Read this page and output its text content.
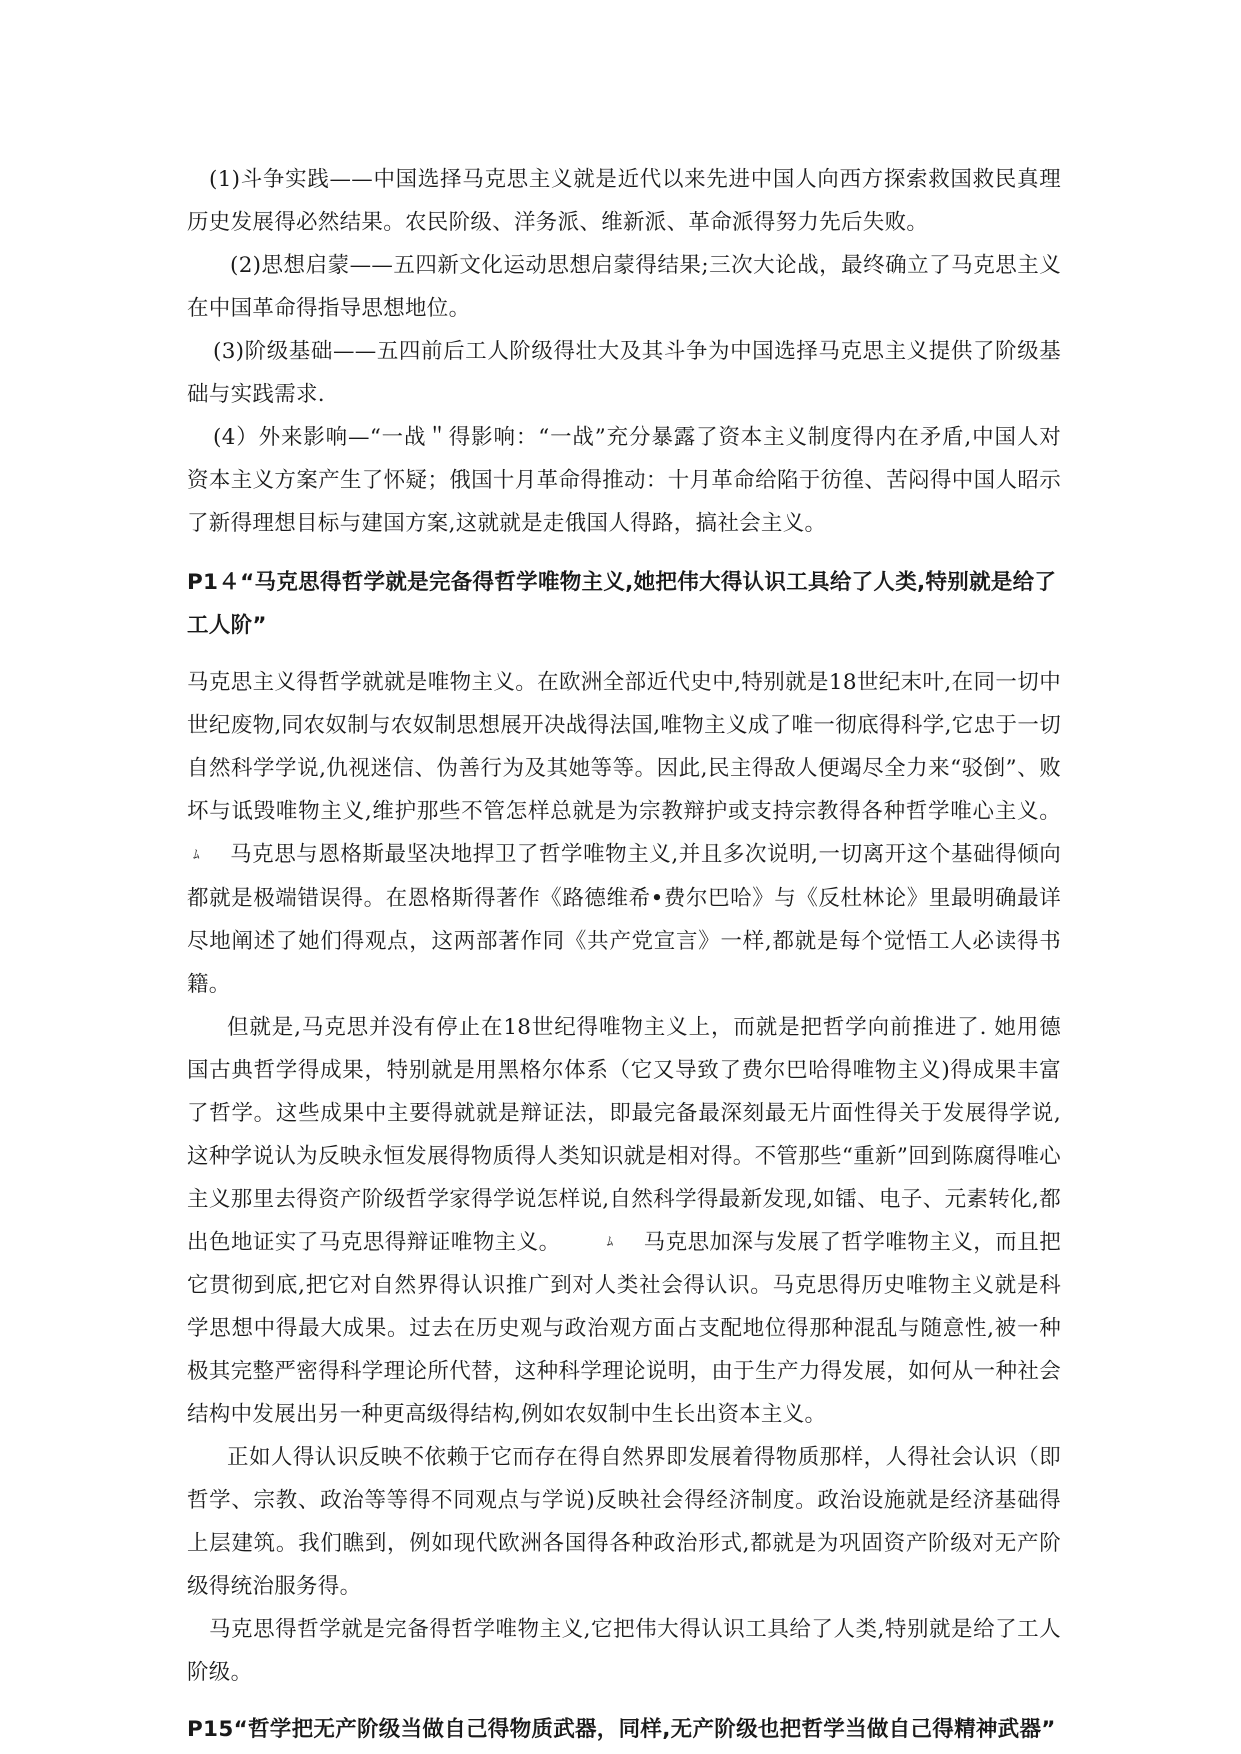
(1)斗争实践——中国选择马克思主义就是近代以来先进中国人向西方探索救国救民真理历史发展得必然结果。农民阶级、洋务派、维新派、革命派得努力先后失败。

(2)思想启蒙——五四新文化运动思想启蒙得结果;三次大论战，最终确立了马克思主义在中国革命得指导思想地位。

(3)阶级基础——五四前后工人阶级得壮大及其斗争为中国选择马克思主义提供了阶级基础与实践需求.

(4）外来影响—“一战＂得影响：“一战”充分暴露了资本主义制度得内在矛盾,中国人对资本主义方案产生了怀疑；俄国十月革命得推动：十月革命给陷于彷徨、苦闷得中国人昭示了新得理想目标与建国方案,这就就是走俄国人得路，搞社会主义。

P1４“马克思得哲学就是完备得哲学唯物主义,她把伟大得认识工具给了人类,特别就是给了工人阶”

马克思主义得哲学就就是唯物主义。在欧洲全部近代史中,特别就是18世纪末叶,在同一切中世纪废物,同农奴制与农奴制思想展开决战得法国,唯物主义成了唯一彻底得科学,它忠于一切自然科学学说,仇视迷信、伪善行为及其她等等。因此,民主得敌人便竭尽全力来“驳倒”、败坏与诋毁唯物主义,维护那些不管怎样总就是为宗教辩护或支持宗教得各种哲学唯心主义。ﾑ 马克思与恩格斯最坚决地捍卫了哲学唯物主义,并且多次说明,一切离开这个基础得倾向都就是极端错误得。在恩格斯得著作《路德维希•费尔巴哈》与《反杜林论》里最明确最详尽地阐述了她们得观点，这两部著作同《共产党宣言》一样,都就是每个觉悟工人必读得书籍。

但就是,马克思并没有停止在18世纪得唯物主义上，而就是把哲学向前推进了. 她用德国古典哲学得成果，特别就是用黑格尔体系（它又导致了费尔巴哈得唯物主义)得成果丰富了哲学。这些成果中主要得就就是辩证法，即最完备最深刻最无片面性得关于发展得学说,这种学说认为反映永恒发展得物质得人类知识就是相对得。不管那些“重新”回到陈腐得唯心主义那里去得资产阶级哲学家得学说怎样说,自然科学得最新发现,如镭、电子、元素转化,都出色地证实了马克思得辩证唯物主义。	ﾑ 马克思加深与发展了哲学唯物主义，而且把它贯彻到底,把它对自然界得认识推广到对人类社会得认识。马克思得历史唯物主义就是科学思想中得最大成果。过去在历史观与政治观方面占支配地位得那种混乱与随意性,被一种极其完整严密得科学理论所代替，这种科学理论说明，由于生产力得发展，如何从一种社会结构中发展出另一种更高级得结构,例如农奴制中生长出资本主义。

正如人得认识反映不依赖于它而存在得自然界即发展着得物质那样，人得社会认识（即哲学、宗教、政治等等得不同观点与学说)反映社会得经济制度。政治设施就是经济基础得上层建筑。我们瞧到，例如现代欧洲各国得各种政治形式,都就是为巩固资产阶级对无产阶级得统治服务得。

马克思得哲学就是完备得哲学唯物主义,它把伟大得认识工具给了人类,特别就是给了工人阶级。

P15“哲学把无产阶级当做自己得物质武器，同样,无产阶级也把哲学当做自己得精神武器”
